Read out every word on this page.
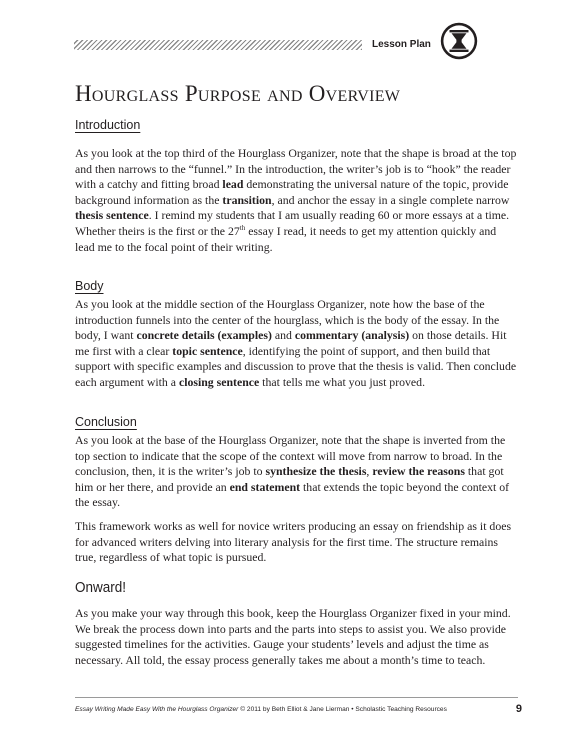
Lesson Plan
Hourglass Purpose and Overview
Introduction

As you look at the top third of the Hourglass Organizer, note that the shape is broad at the top and then narrows to the “funnel.” In the introduction, the writer’s job is to “hook” the reader with a catchy and fitting broad lead demonstrating the universal nature of the topic, provide background information as the transition, and anchor the essay in a single complete narrow thesis sentence. I remind my students that I am usually reading 60 or more essays at a time. Whether theirs is the first or the 27th essay I read, it needs to get my attention quickly and lead me to the focal point of their writing.

Body

As you look at the middle section of the Hourglass Organizer, note how the base of the introduction funnels into the center of the hourglass, which is the body of the essay. In the body, I want concrete details (examples) and commentary (analysis) on those details. Hit me first with a clear topic sentence, identifying the point of support, and then build that support with specific examples and discussion to prove that the thesis is valid. Then conclude each argument with a closing sentence that tells me what you just proved.

Conclusion

As you look at the base of the Hourglass Organizer, note that the shape is inverted from the top section to indicate that the scope of the context will move from narrow to broad. In the conclusion, then, it is the writer’s job to synthesize the thesis, review the reasons that got him or her there, and provide an end statement that extends the topic beyond the context of the essay.

This framework works as well for novice writers producing an essay on friendship as it does for advanced writers delving into literary analysis for the first time. The structure remains true, regardless of what topic is pursued.

Onward!

As you make your way through this book, keep the Hourglass Organizer fixed in your mind. We break the process down into parts and the parts into steps to assist you. We also provide suggested timelines for the activities. Gauge your students’ levels and adjust the time as necessary. All told, the essay process generally takes me about a month’s time to teach.

Essay Writing Made Easy With the Hourglass Organizer © 2011 by Beth Elliot & Jane Lierman • Scholastic Teaching Resources	9
